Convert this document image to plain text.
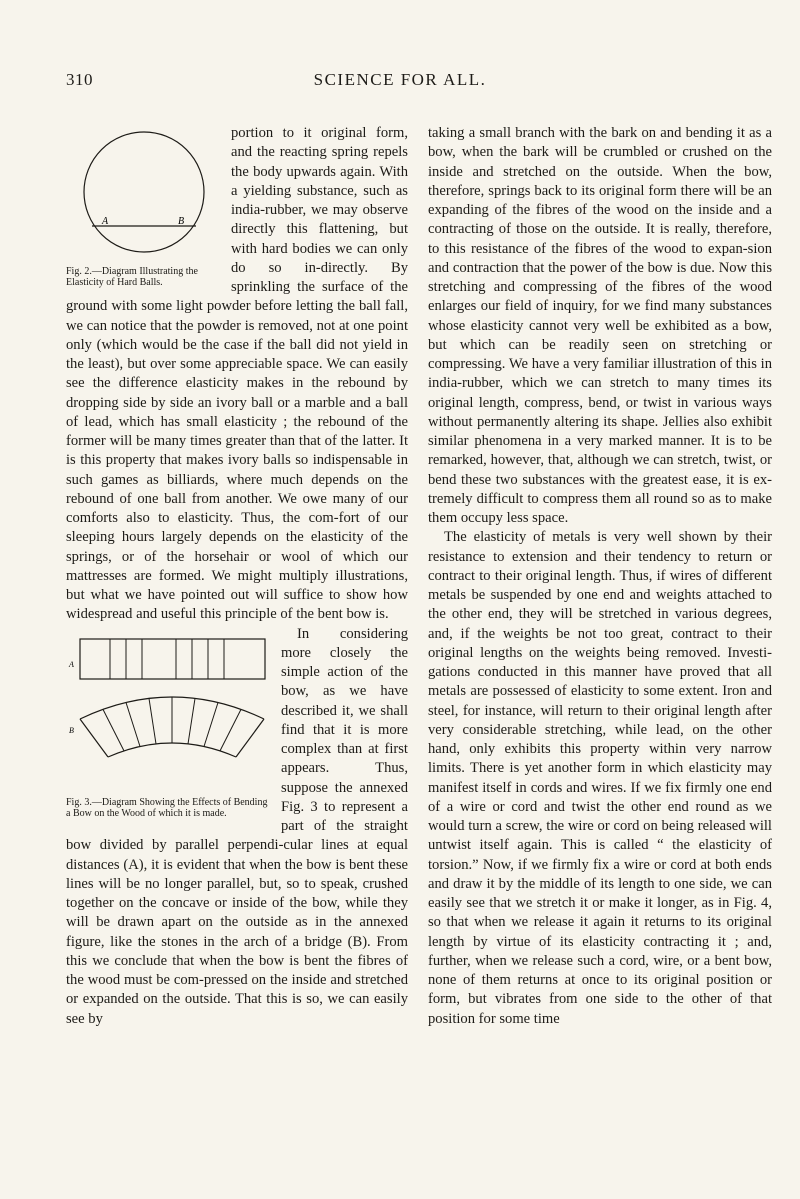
310	SCIENCE FOR ALL.
A	B
Fig. 2.—Diagram Illustrating the Elasticity of Hard Balls.

portion to it original form, and the reacting spring repels the body upwards again. With a yielding substance, such as india-rubber, we may observe directly this flattening, but with hard bodies we can only do so in-directly. By sprinkling the surface of the ground with some light powder before letting the ball fall, we can notice that the powder is removed, not at one point only (which would be the case if the ball did not yield in the least), but over some appreciable space. We can easily see the difference elasticity makes in the rebound by dropping side by side an ivory ball or a marble and a ball of lead, which has small elasticity ; the rebound of the former will be many times greater than that of the latter. It is this property that makes ivory balls so indispensable in such games as billiards, where much depends on the rebound of one ball from another. We owe many of our comforts also to elasticity. Thus, the com-fort of our sleeping hours largely depends on the elasticity of the springs, or of the horsehair or wool of which our mattresses are formed. We might multiply illustrations, but what we have pointed out will suffice to show how widespread and useful this principle of the bent bow is.

A
B
Fig. 3.—Diagram Showing the Effects of Bending a Bow on the Wood of which it is made.

In considering more closely the simple action of the bow, as we have described it, we shall find that it is more complex than at first appears. Thus, suppose the annexed Fig. 3 to represent a part of the straight bow divided by parallel perpendi-cular lines at equal distances (A), it is evident that when the bow is bent these lines will be no longer parallel, but, so to speak, crushed together on the concave or inside of the bow, while they will be drawn apart on the outside as in the annexed figure, like the stones in the arch of a bridge (B). From this we conclude that when the bow is bent the fibres of the wood must be com-pressed on the inside and stretched or expanded on the outside. That this is so, we can easily see by

taking a small branch with the bark on and bending it as a bow, when the bark will be crumbled or crushed on the inside and stretched on the outside. When the bow, therefore, springs back to its original form there will be an expanding of the fibres of the wood on the inside and a contracting of those on the outside. It is really, therefore, to this resistance of the fibres of the wood to expan-sion and contraction that the power of the bow is due. Now this stretching and compressing of the fibres of the wood enlarges our field of inquiry, for we find many substances whose elasticity cannot very well be exhibited as a bow, but which can be readily seen on stretching or compressing. We have a very familiar illustration of this in india-rubber, which we can stretch to many times its original length, compress, bend, or twist in various ways without permanently altering its shape. Jellies also exhibit similar phenomena in a very marked manner. It is to be remarked, however, that, although we can stretch, twist, or bend these two substances with the greatest ease, it is ex-tremely difficult to compress them all round so as to make them occupy less space.

The elasticity of metals is very well shown by their resistance to extension and their tendency to return or contract to their original length. Thus, if wires of different metals be suspended by one end and weights attached to the other end, they will be stretched in various degrees, and, if the weights be not too great, contract to their original lengths on the weights being removed. Investi-gations conducted in this manner have proved that all metals are possessed of elasticity to some extent. Iron and steel, for instance, will return to their original length after very considerable stretching, while lead, on the other hand, only exhibits this property within very narrow limits. There is yet another form in which elasticity may manifest itself in cords and wires. If we fix firmly one end of a wire or cord and twist the other end round as we would turn a screw, the wire or cord on being released will untwist itself again. This is called “ the elasticity of torsion.” Now, if we firmly fix a wire or cord at both ends and draw it by the middle of its length to one side, we can easily see that we stretch it or make it longer, as in Fig. 4, so that when we release it again it returns to its original length by virtue of its elasticity contracting it ; and, further, when we release such a cord, wire, or a bent bow, none of them returns at once to its original position or form, but vibrates from one side to the other of that position for some time
